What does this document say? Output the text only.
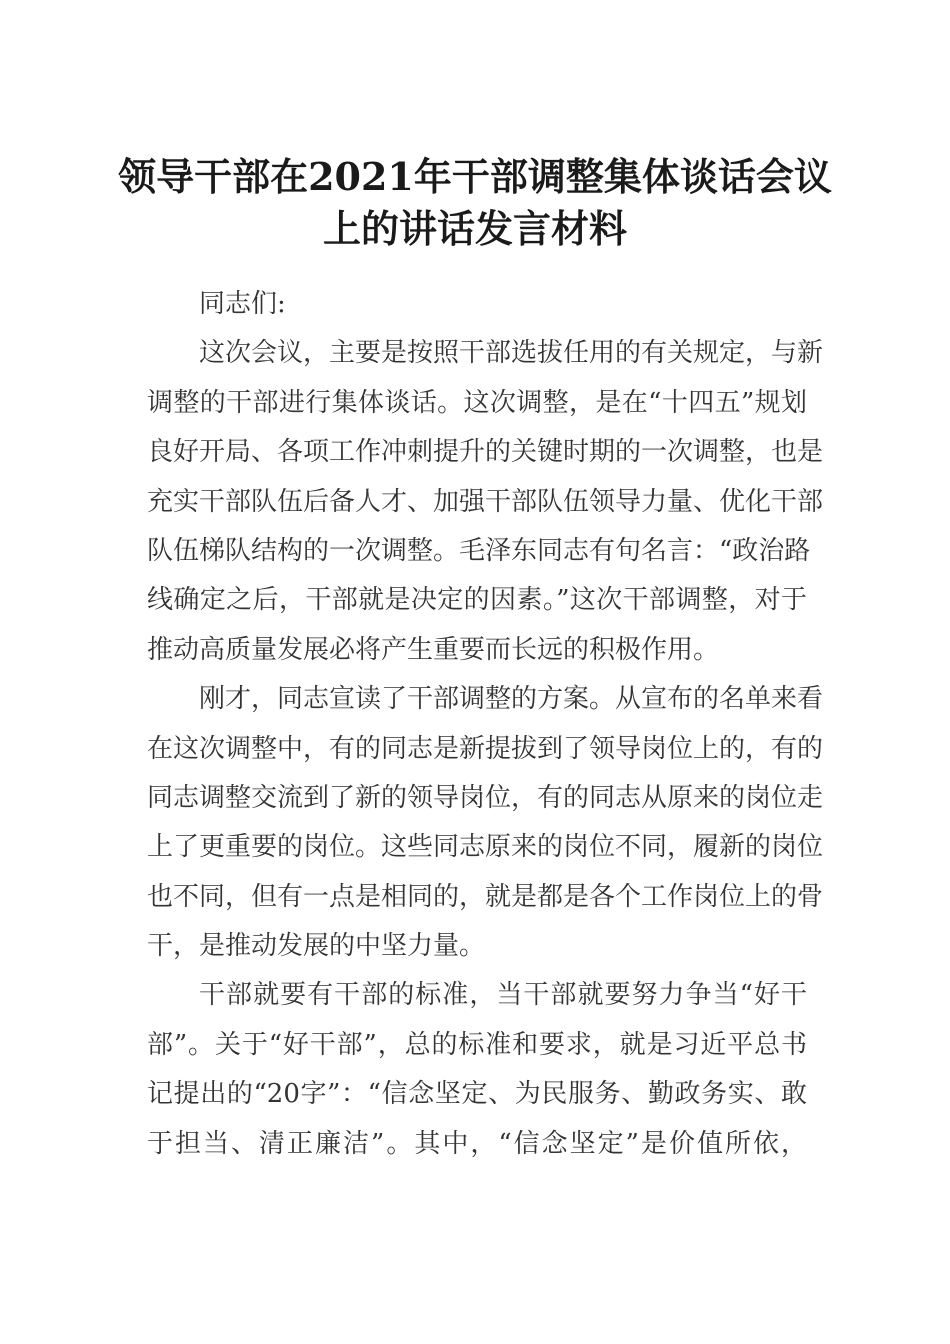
领导干部在2021年干部调整集体谈话会议
上的讲话发言材料
同志们:
这次会议，主要是按照干部选拔任用的有关规定，与新
调整的干部进行集体谈话。这次调整，是在“十四五”规划
良好开局、各项工作冲刺提升的关键时期的一次调整，也是
充实干部队伍后备人才、加强干部队伍领导力量、优化干部
队伍梯队结构的一次调整。毛泽东同志有句名言：“政治路
线确定之后，干部就是决定的因素。”这次干部调整，对于
推动高质量发展必将产生重要而长远的积极作用。
刚才，同志宣读了干部调整的方案。从宣布的名单来看
在这次调整中，有的同志是新提拔到了领导岗位上的，有的
同志调整交流到了新的领导岗位，有的同志从原来的岗位走
上了更重要的岗位。这些同志原来的岗位不同，履新的岗位
也不同，但有一点是相同的，就是都是各个工作岗位上的骨
干，是推动发展的中坚力量。
干部就要有干部的标准，当干部就要努力争当“好干
部”。关于“好干部”，总的标准和要求，就是习近平总书
记提出的“20字”：“信念坚定、为民服务、勤政务实、敢
于担当、清正廉洁”。其中，“信念坚定”是价值所依，
